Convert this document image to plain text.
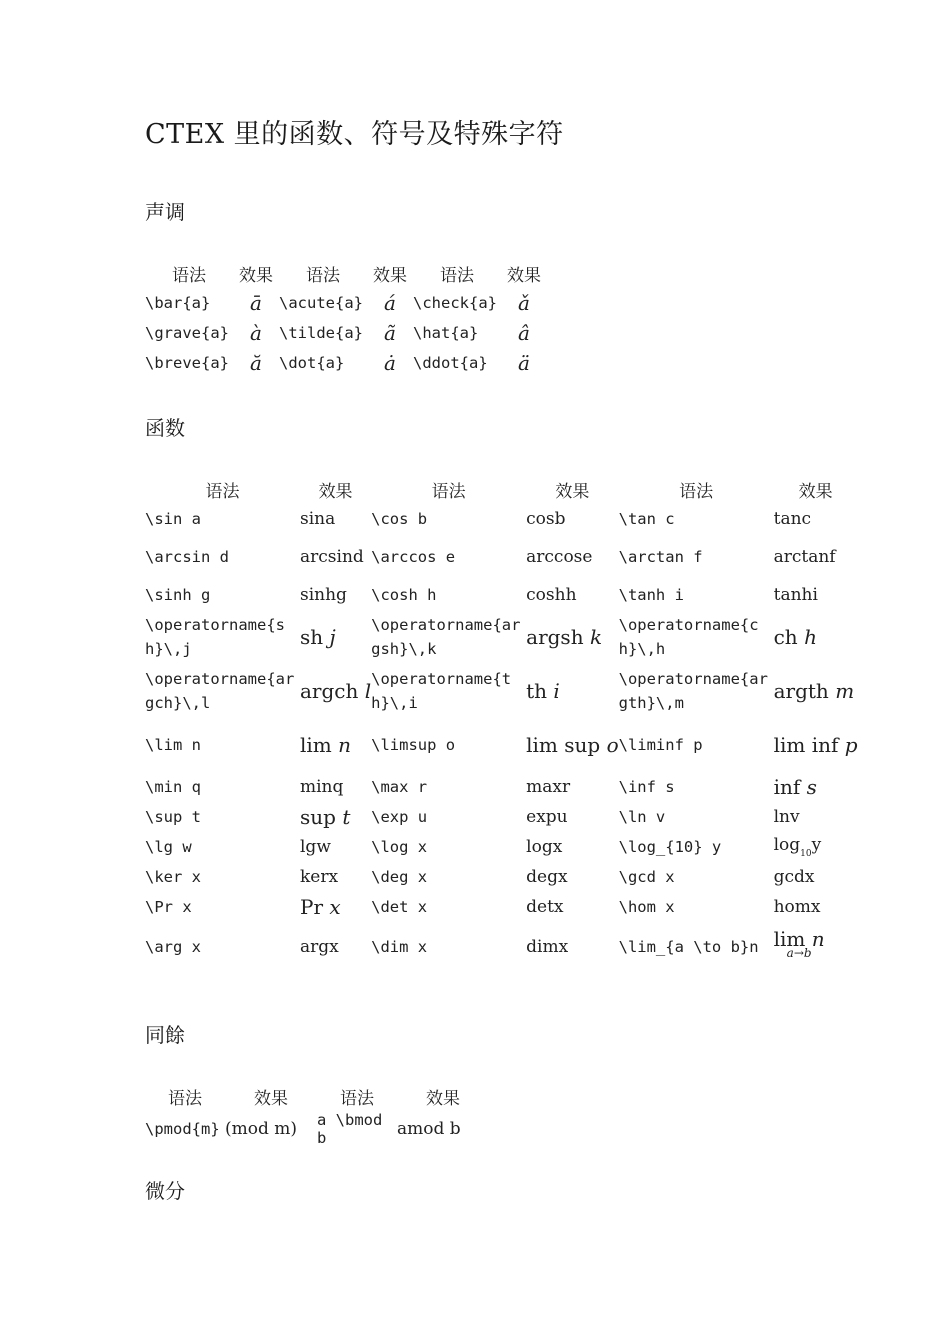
CTEX 里的函数、符号及特殊字符
声调
语法	效果	语法	效果	语法	效果
\bar{a}	ā	\acute{a}	á	\check{a}	ǎ
\grave{a}	à	\tilde{a}	ã	\hat{a}	â
\breve{a}	ă	\dot{a}	ȧ	\ddot{a}	ä
函数
语法	效果	语法	效果	语法	效果
\sin a	sina	\cos b	cosb	\tan c	tanc
\arcsin d	arcsind	\arccos e	arccose	\arctan f	arctanf
\sinh g	sinhg	\cosh h	coshh	\tanh i	tanhi
\operatorname{sh}\,j	sh j	\operatorname{argsh}\,k	argsh k	\operatorname{ch}\,h	ch h

\operatorname{argch}\,l	argch l	\operatorname{th}\,i	th i	\operatorname{argth}\,m	argth m

\lim n	lim n	\limsup o	lim sup o	\liminf p	lim inf p

\min q	minq	\max r	maxr	\inf s	inf s

\sup t	sup t	\exp u	expu	\ln v	lnv
\lg w	lgw	\log x	logx	\log_{10} y	$\log_{10}y$
\ker x	kerx	\deg x	degx	\gcd x	gcdx
\Pr x	Pr x	\det x	detx	\hom x	homx
\arg x	argx	\dim x	dimx	\lim_{a \to b}n	lim n
a→b
同餘
语法	效果	语法	效果
\pmod{m}	(mod m)	a \bmod b	amod b
微分
